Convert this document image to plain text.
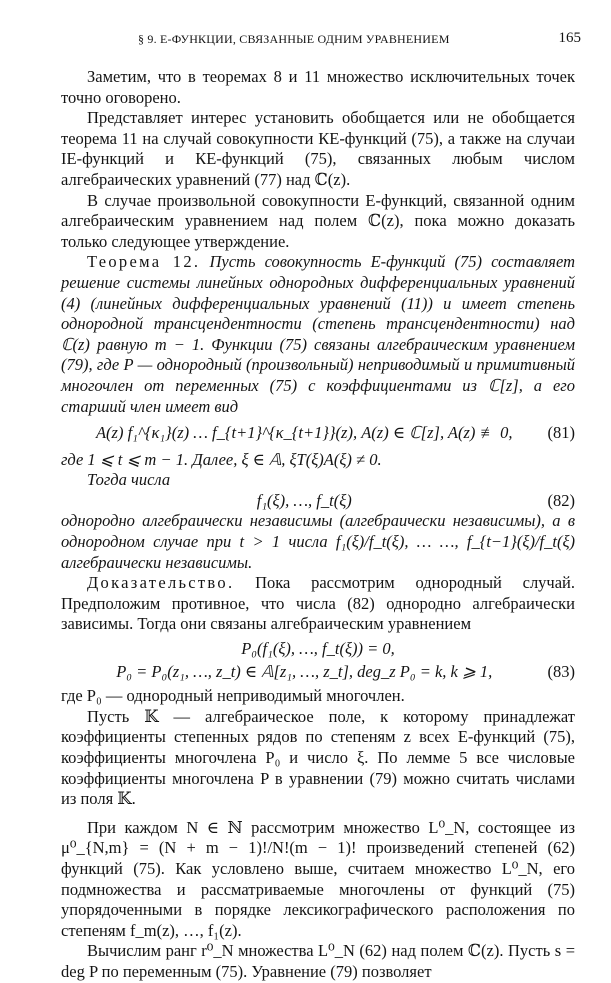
§ 9. Е-ФУНКЦИИ, СВЯЗАННЫЕ ОДНИМ УРАВНЕНИЕМ	165

Заметим, что в теоремах 8 и 11 множество исключительных точек точно оговорено.

Представляет интерес установить обобщается или не обобщается теорема 11 на случай совокупности КЕ-функций (75), а также на случаи IE-функций и КЕ-функций (75), связанных любым числом алгебраических уравнений (77) над ℂ(z).

В случае произвольной совокупности Е-функций, связанной одним алгебраическим уравнением над полем ℂ(z), пока можно доказать только следующее утверждение.

Теорема 12. Пусть совокупность Е-функций (75) составляет решение системы линейных однородных дифференциальных уравнений (4) (линейных дифференциальных уравнений (11)) и имеет степень однородной трансцендентности (степень трансцендентности) над ℂ(z) равную m − 1. Функции (75) связаны алгебраическим уравнением (79), где P — однородный (произвольный) неприводимый и примитивный многочлен от переменных (75) с коэффициентами из ℂ[z], а его старший член имеет вид

A(z) f₁^{κ₁}(z) … f_{t+1}^{κ_{t+1}}(z), A(z) ∈ ℂ[z], A(z) ≢ 0,	(81)

где 1 ⩽ t ⩽ m − 1. Далее, ξ ∈ 𝔸, ξT(ξ)A(ξ) ≠ 0.

Тогда числа

f₁(ξ), …, f_t(ξ)	(82)

однородно алгебраически независимы (алгебраически независимы), а в однородном случае при t > 1 числа f₁(ξ)/f_t(ξ), … …, f_{t−1}(ξ)/f_t(ξ) алгебраически независимы.

Доказательство. Пока рассмотрим однородный случай. Предположим противное, что числа (82) однородно алгебраически зависимы. Тогда они связаны алгебраическим уравнением

P₀(f₁(ξ), …, f_t(ξ)) = 0,
P₀ = P₀(z₁, …, z_t) ∈ 𝔸[z₁, …, z_t], deg_z P₀ = k, k ⩾ 1,	(83)

где P₀ — однородный неприводимый многочлен.

Пусть 𝕂 — алгебраическое поле, к которому принадлежат коэффициенты степенных рядов по степеням z всех Е-функций (75), коэффициенты многочлена P₀ и число ξ. По лемме 5 все числовые коэффициенты многочлена P в уравнении (79) можно считать числами из поля 𝕂.

При каждом N ∈ ℕ рассмотрим множество L⁰_N, состоящее из μ⁰_{N,m} = (N + m − 1)!/N!(m − 1)! произведений степеней (62) функций (75). Как условлено выше, считаем множество L⁰_N, его подмножества и рассматриваемые многочлены от функций (75) упорядоченными в порядке лексикографического расположения по степеням f_m(z), …, f₁(z).

Вычислим ранг r⁰_N множества L⁰_N (62) над полем ℂ(z). Пусть s = deg P по переменным (75). Уравнение (79) позволяет
